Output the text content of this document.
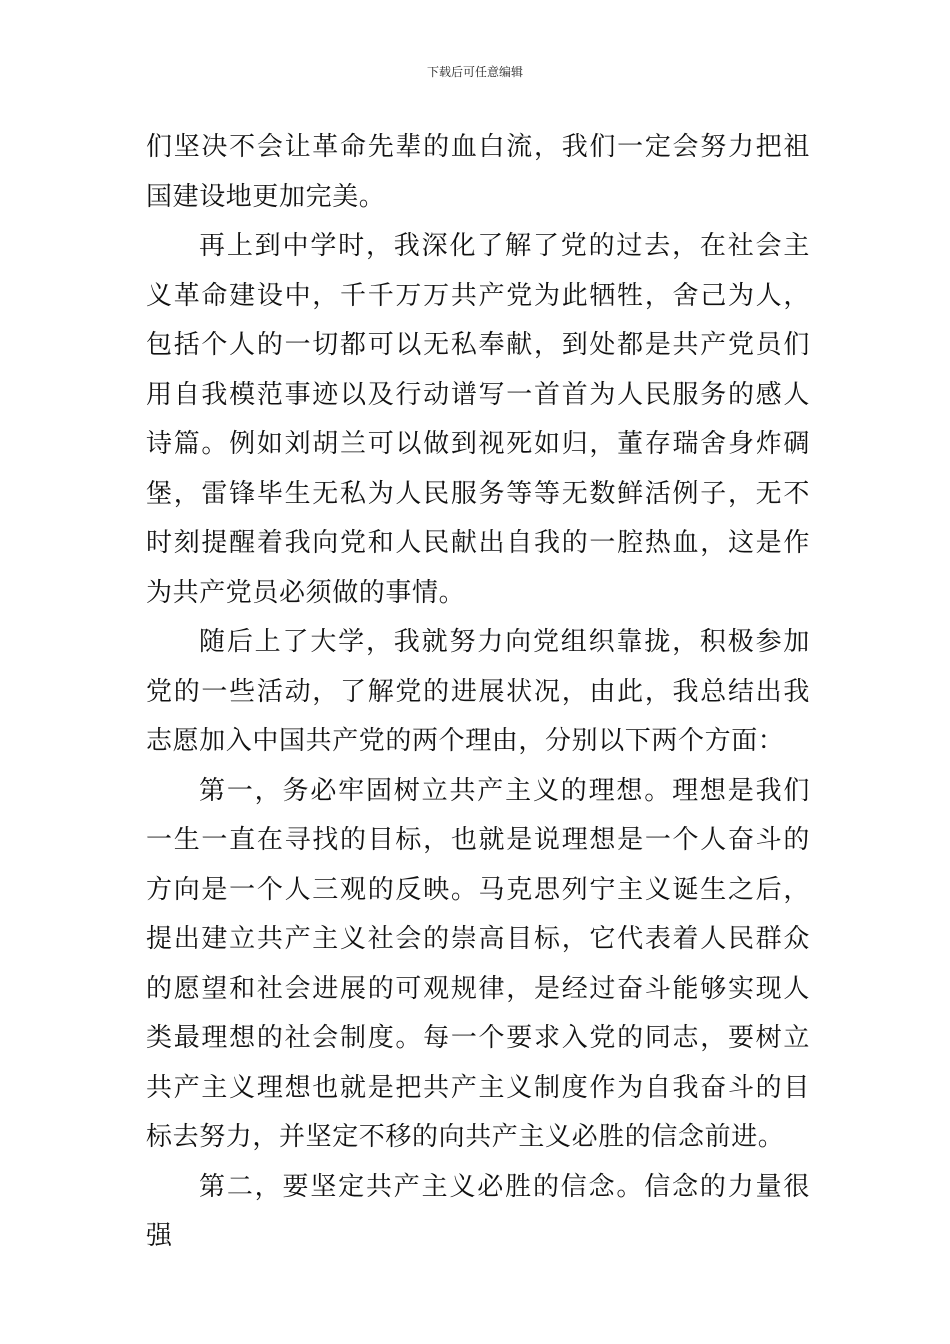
下载后可任意编辑

们坚决不会让革命先辈的血白流，我们一定会努力把祖国建设地更加完美。

再上到中学时，我深化了解了党的过去，在社会主义革命建设中，千千万万共产党为此牺牲，舍己为人，包括个人的一切都可以无私奉献，到处都是共产党员们用自我模范事迹以及行动谱写一首首为人民服务的感人诗篇。例如刘胡兰可以做到视死如归，董存瑞舍身炸碉堡，雷锋毕生无私为人民服务等等无数鲜活例子，无不时刻提醒着我向党和人民献出自我的一腔热血，这是作为共产党员必须做的事情。

随后上了大学，我就努力向党组织靠拢，积极参加党的一些活动，了解党的进展状况，由此，我总结出我志愿加入中国共产党的两个理由，分别以下两个方面：

第一，务必牢固树立共产主义的理想。理想是我们一生一直在寻找的目标，也就是说理想是一个人奋斗的方向是一个人三观的反映。马克思列宁主义诞生之后，提出建立共产主义社会的崇高目标，它代表着人民群众的愿望和社会进展的可观规律，是经过奋斗能够实现人类最理想的社会制度。每一个要求入党的同志，要树立共产主义理想也就是把共产主义制度作为自我奋斗的目标去努力，并坚定不移的向共产主义必胜的信念前进。

第二，要坚定共产主义必胜的信念。信念的力量很强
